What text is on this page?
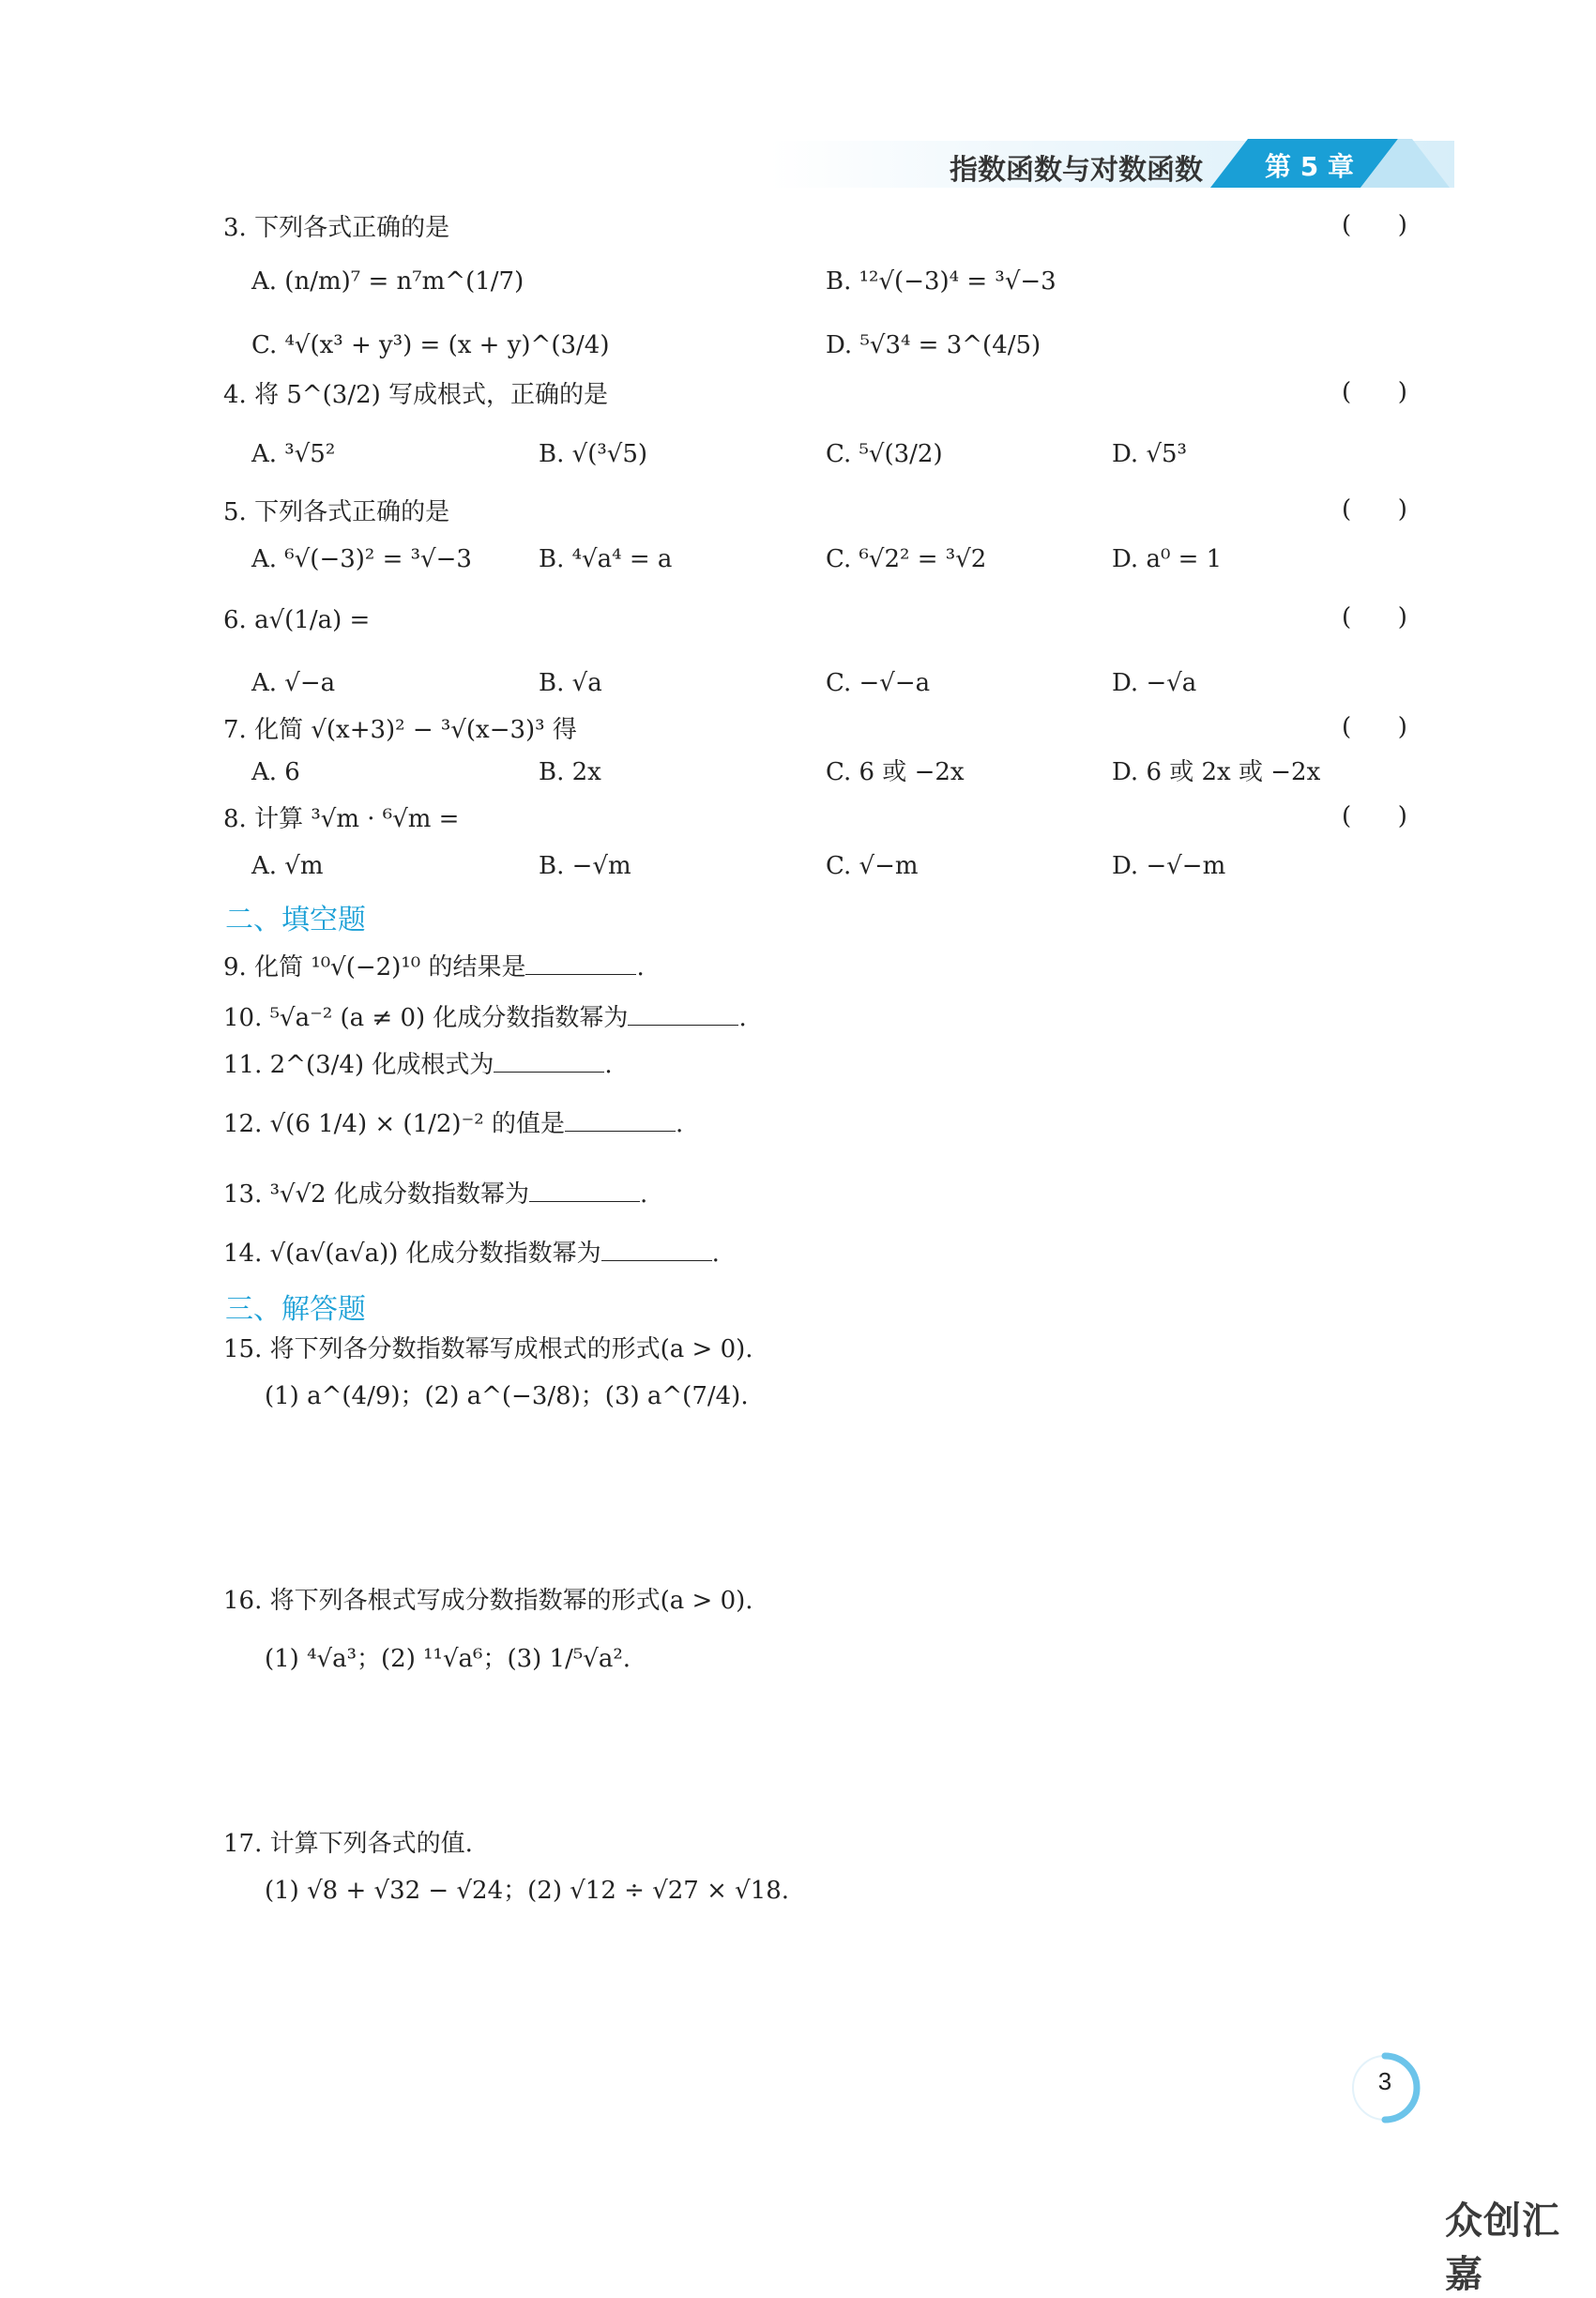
指数函数与对数函数 第 5 章
3. 下列各式正确的是	(      )
A. (n/m)⁷ = n⁷m^(1/7)	B. ¹²√(−3)⁴ = ³√−3
C. ⁴√(x³ + y³) = (x + y)^(3/4)	D. ⁵√3⁴ = 3^(4/5)
4. 将 5^(3/2) 写成根式，正确的是	(      )
A. ³√5²	B. √(³√5)	C. ⁵√(3/2)	D. √5³
5. 下列各式正确的是	(      )
A. ⁶√(−3)² = ³√−3	B. ⁴√a⁴ = a	C. ⁶√2² = ³√2	D. a⁰ = 1
6. a√(1/a) =	(      )
A. √−a	B. √a	C. −√−a	D. −√a
7. 化简 √(x+3)² − ³√(x−3)³ 得	(      )
A. 6	B. 2x	C. 6 或 −2x	D. 6 或 2x 或 −2x
8. 计算 ³√m · ⁶√m =	(      )
A. √m	B. −√m	C. √−m	D. −√−m
二、填空题
9. 化简 ¹⁰√(−2)¹⁰ 的结果是	.
10. ⁵√a⁻² (a ≠ 0) 化成分数指数幂为	.
11. 2^(3/4) 化成根式为	.
12. √(6 1/4) × (1/2)⁻² 的值是	.
13. ³√√2 化成分数指数幂为	.
14. √(a√(a√a)) 化成分数指数幂为	.
三、解答题
15. 将下列各分数指数幂写成根式的形式(a > 0).
(1) a^(4/9)；(2) a^(−3/8)；(3) a^(7/4).
16. 将下列各根式写成分数指数幂的形式(a > 0).
(1) ⁴√a³；(2) ¹¹√a⁶；(3) 1/⁵√a².
17. 计算下列各式的值.
(1) √8 + √32 − √24；(2) √12 ÷ √27 × √18.
3
众创汇嘉
